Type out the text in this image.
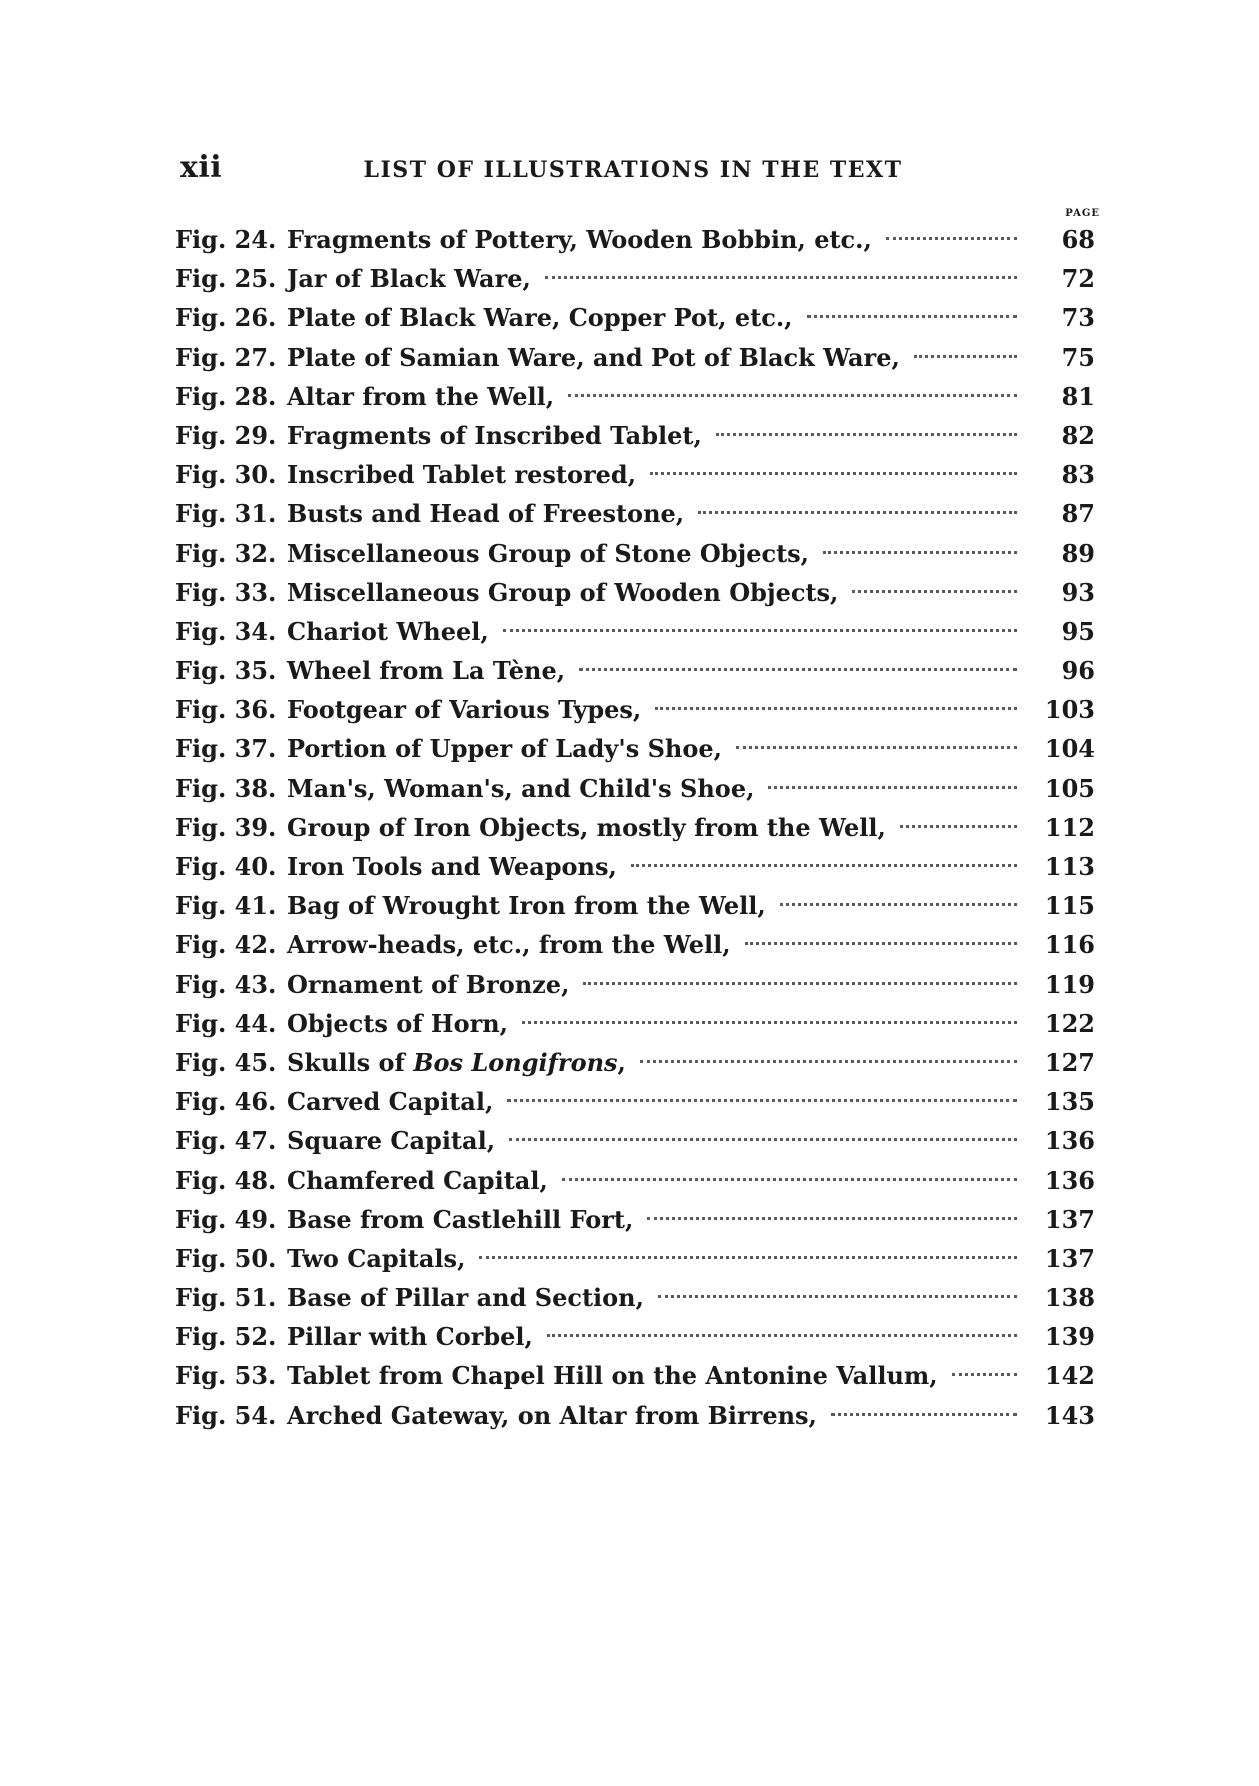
xii	LIST OF ILLUSTRATIONS IN THE TEXT
PAGE
Fig. 24. Fragments of Pottery, Wooden Bobbin, etc.,	68
Fig. 25. Jar of Black Ware,	72
Fig. 26. Plate of Black Ware, Copper Pot, etc.,	73
Fig. 27. Plate of Samian Ware, and Pot of Black Ware,	75
Fig. 28. Altar from the Well,	81
Fig. 29. Fragments of Inscribed Tablet,	82
Fig. 30. Inscribed Tablet restored,	83
Fig. 31. Busts and Head of Freestone,	87
Fig. 32. Miscellaneous Group of Stone Objects,	89
Fig. 33. Miscellaneous Group of Wooden Objects,	93
Fig. 34. Chariot Wheel,	95
Fig. 35. Wheel from La Tène,	96
Fig. 36. Footgear of Various Types,	103
Fig. 37. Portion of Upper of Lady's Shoe,	104
Fig. 38. Man's, Woman's, and Child's Shoe,	105
Fig. 39. Group of Iron Objects, mostly from the Well,	112
Fig. 40. Iron Tools and Weapons,	113
Fig. 41. Bag of Wrought Iron from the Well,	115
Fig. 42. Arrow-heads, etc., from the Well,	116
Fig. 43. Ornament of Bronze,	119
Fig. 44. Objects of Horn,	122
Fig. 45. Skulls of Bos Longifrons,	127
Fig. 46. Carved Capital,	135
Fig. 47. Square Capital,	136
Fig. 48. Chamfered Capital,	136
Fig. 49. Base from Castlehill Fort,	137
Fig. 50. Two Capitals,	137
Fig. 51. Base of Pillar and Section,	138
Fig. 52. Pillar with Corbel,	139
Fig. 53. Tablet from Chapel Hill on the Antonine Vallum,	142
Fig. 54. Arched Gateway, on Altar from Birrens,	143
